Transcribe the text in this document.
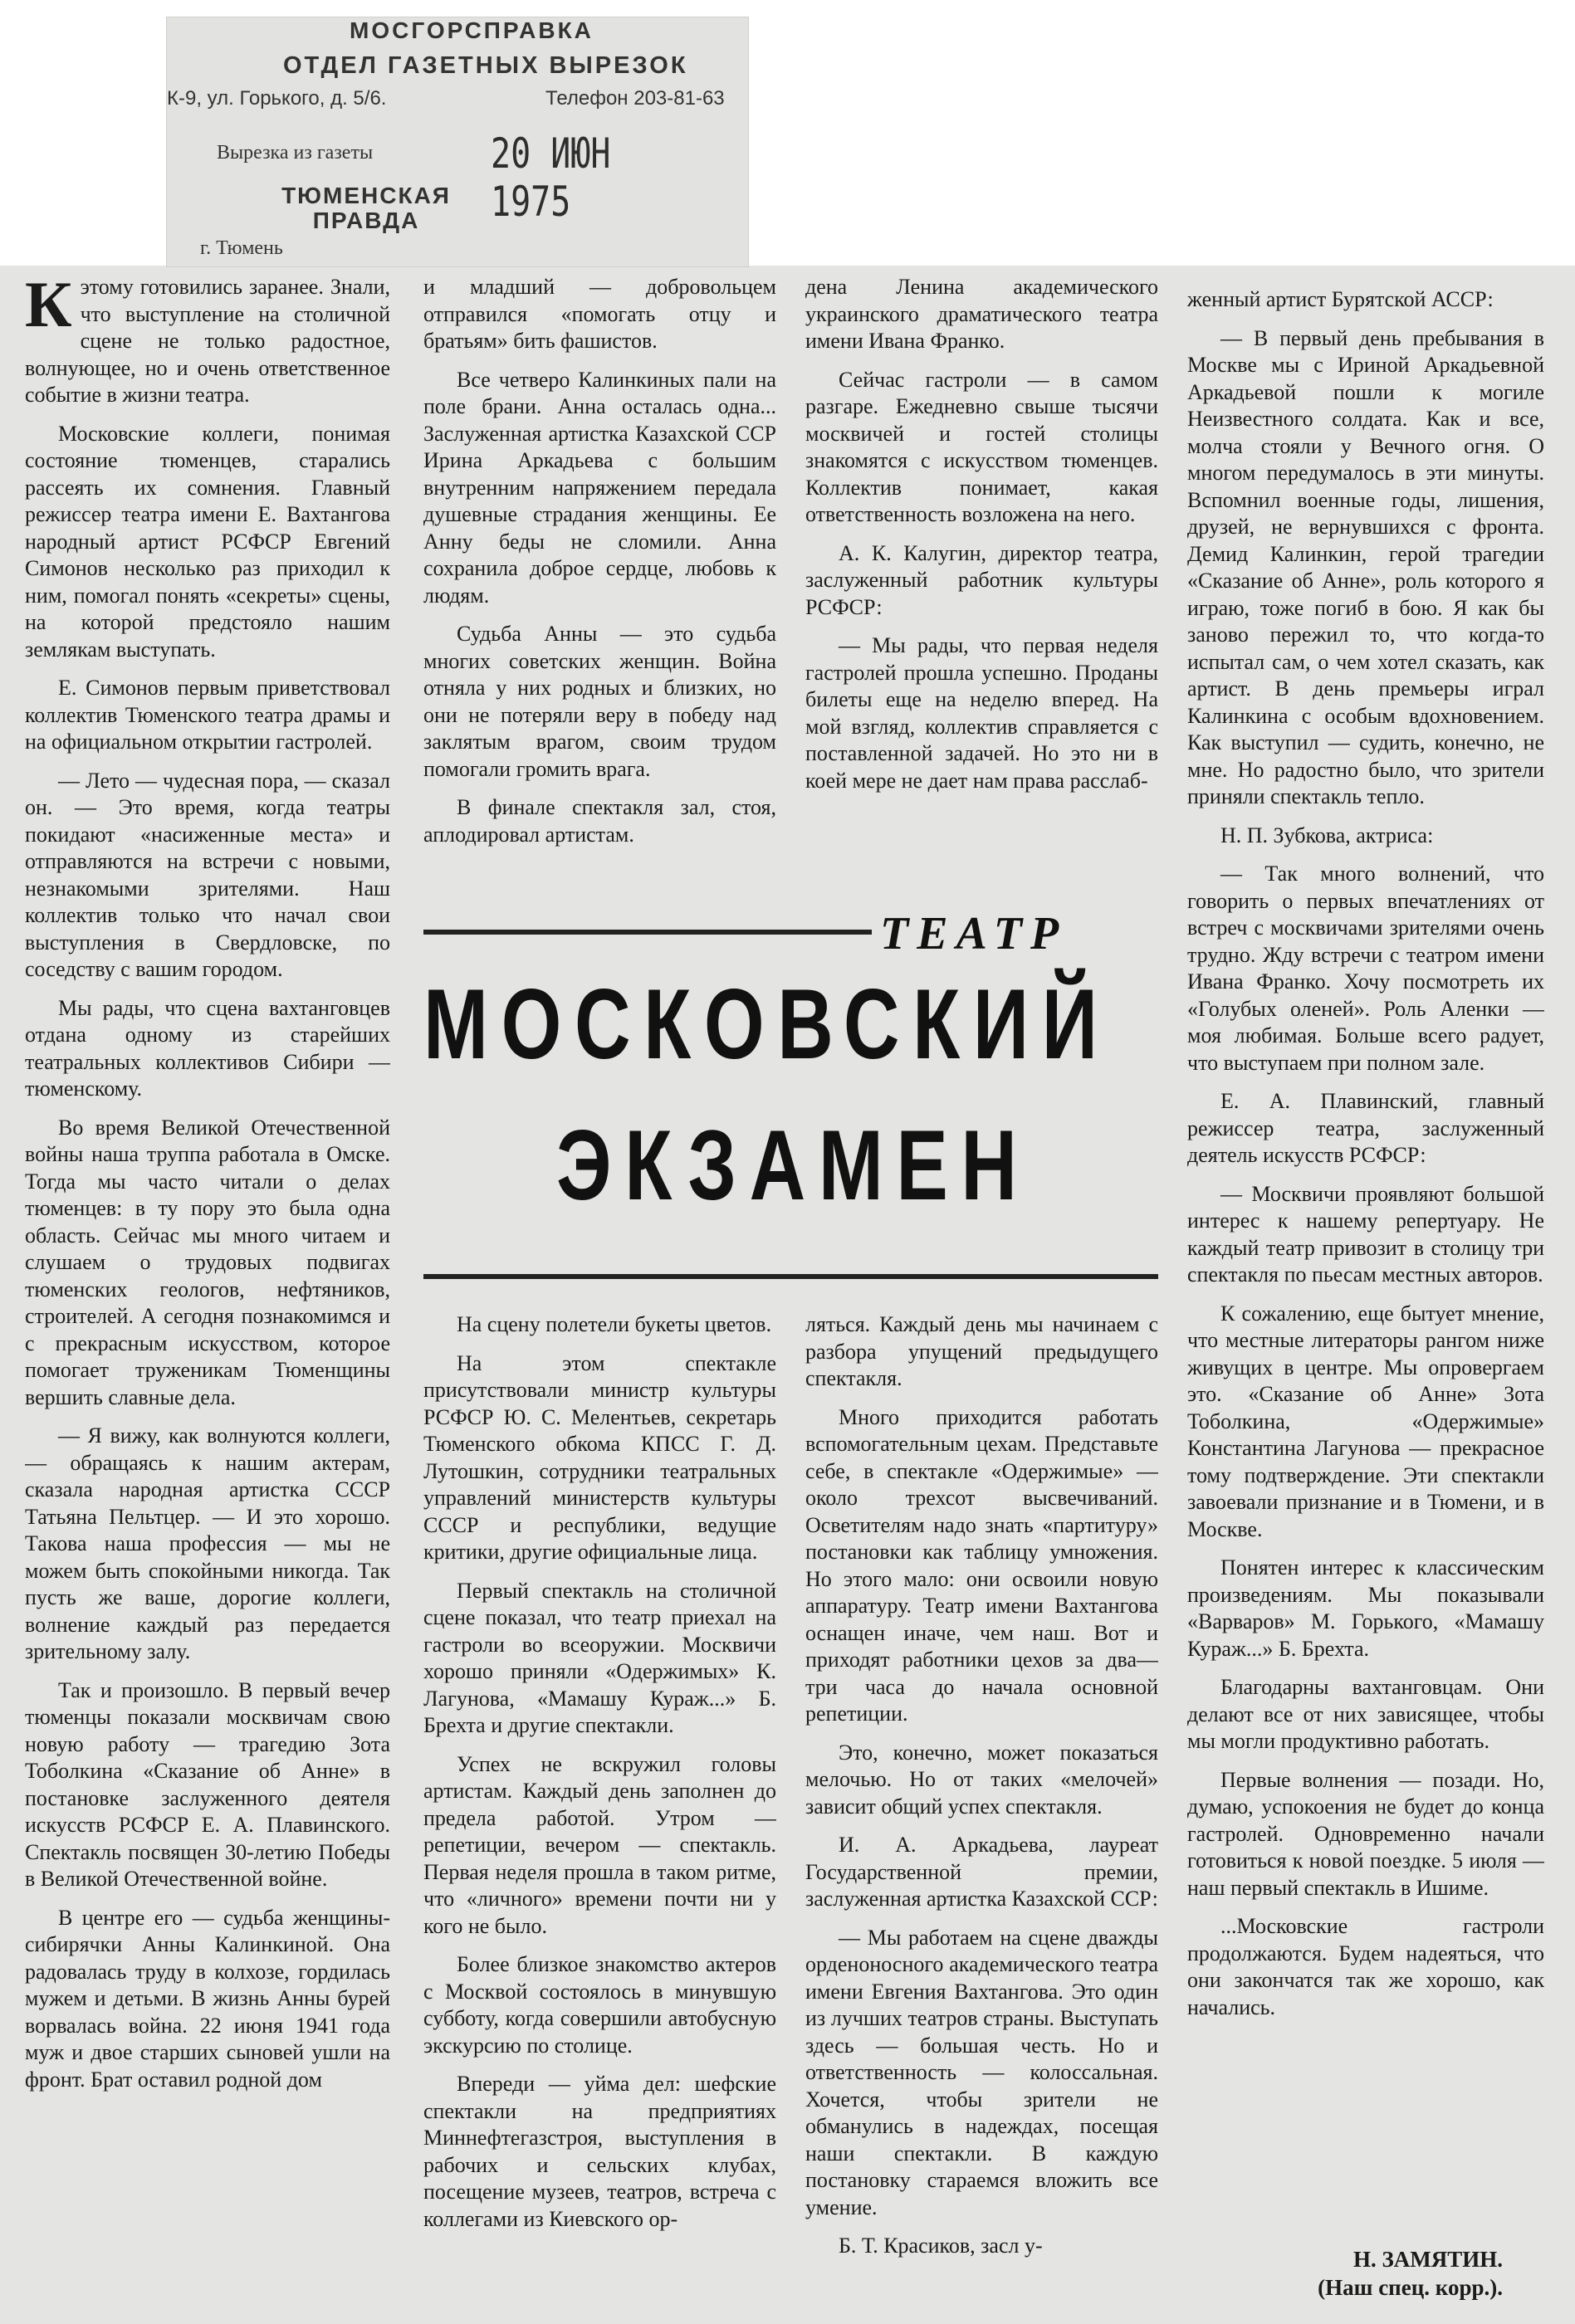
МОСГОРСПРАВКА
ОТДЕЛ ГАЗЕТНЫХ ВЫРЕЗОК
К-9, ул. Горького, д. 5/6.	Телефон 203-81-63
Вырезка из газеты	20 ИЮН 1975
ТЮМЕНСКАЯ ПРАВДА
г. Тюмень
К этому готовились заранее. Знали, что выступление на столичной сцене не только радостное, волнующее, но и очень ответственное событие в жизни театра.

Московские коллеги, понимая состояние тюменцев, старались рассеять их сомнения. Главный режиссер театра имени Е. Вахтангова народный артист РСФСР Евгений Симонов несколько раз приходил к ним, помогал понять «секреты» сцены, на которой предстояло нашим землякам выступать.

Е. Симонов первым приветствовал коллектив Тюменского театра драмы и на официальном открытии гастролей.

— Лето — чудесная пора, — сказал он. — Это время, когда театры покидают «насиженные места» и отправляются на встречи с новыми, незнакомыми зрителями. Наш коллектив только что начал свои выступления в Свердловске, по соседству с вашим городом.

Мы рады, что сцена вахтанговцев отдана одному из старейших театральных коллективов Сибири — тюменскому.

Во время Великой Отечественной войны наша труппа работала в Омске. Тогда мы часто читали о делах тюменцев: в ту пору это была одна область. Сейчас мы много читаем и слушаем о трудовых подвигах тюменских геологов, нефтяников, строителей. А сегодня познакомимся и с прекрасным искусством, которое помогает труженикам Тюменщины вершить славные дела.

— Я вижу, как волнуются коллеги, — обращаясь к нашим актерам, сказала народная артистка СССР Татьяна Пельтцер. — И это хорошо. Такова наша профессия — мы не можем быть спокойными никогда. Так пусть же ваше, дорогие коллеги, волнение каждый раз передается зрительному залу.

Так и произошло. В первый вечер тюменцы показали москвичам свою новую работу — трагедию Зота Тоболкина «Сказание об Анне» в постановке заслуженного деятеля искусств РСФСР Е. А. Плавинского. Спектакль посвящен 30-летию Победы в Великой Отечественной войне.

В центре его — судьба женщины-сибирячки Анны Калинкиной. Она радовалась труду в колхозе, гордилась мужем и детьми. В жизнь Анны бурей ворвалась война. 22 июня 1941 года муж и двое старших сыновей ушли на фронт. Брат оставил родной дом

и младший — добровольцем отправился «помогать отцу и братьям» бить фашистов.

Все четверо Калинкиных пали на поле брани. Анна осталась одна... Заслуженная артистка Казахской ССР Ирина Аркадьева с большим внутренним напряжением передала душевные страдания женщины. Ее Анну беды не сломили. Анна сохранила доброе сердце, любовь к людям.

Судьба Анны — это судьба многих советских женщин. Война отняла у них родных и близких, но они не потеряли веру в победу над заклятым врагом, своим трудом помогали громить врага.

В финале спектакля зал, стоя, аплодировал артистам.

дена Ленина академического украинского драматического театра имени Ивана Франко.

Сейчас гастроли — в самом разгаре. Ежедневно свыше тысячи москвичей и гостей столицы знакомятся с искусством тюменцев. Коллектив понимает, какая ответственность возложена на него.

А. К. Калугин, директор театра, заслуженный работник культуры РСФСР:

— Мы рады, что первая неделя гастролей прошла успешно. Проданы билеты еще на неделю вперед. На мой взгляд, коллектив справляется с поставленной задачей. Но это ни в коей мере не дает нам права расслаб-

ТЕАТР
МОСКОВСКИЙ
ЭКЗАМЕН

На сцену полетели букеты цветов.

На этом спектакле присутствовали министр культуры РСФСР Ю. С. Мелентьев, секретарь Тюменского обкома КПСС Г. Д. Лутошкин, сотрудники театральных управлений министерств культуры СССР и республики, ведущие критики, другие официальные лица.

Первый спектакль на столичной сцене показал, что театр приехал на гастроли во всеоружии. Москвичи хорошо приняли «Одержимых» К. Лагунова, «Мамашу Кураж...» Б. Брехта и другие спектакли.

Успех не вскружил головы артистам. Каждый день заполнен до предела работой. Утром — репетиции, вечером — спектакль. Первая неделя прошла в таком ритме, что «личного» времени почти ни у кого не было.

Более близкое знакомство актеров с Москвой состоялось в минувшую субботу, когда совершили автобусную экскурсию по столице.

Впереди — уйма дел: шефские спектакли на предприятиях Миннефтегазстроя, выступления в рабочих и сельских клубах, посещение музеев, театров, встреча с коллегами из Киевского ор-

ляться. Каждый день мы начинаем с разбора упущений предыдущего спектакля.

Много приходится работать вспомогательным цехам. Представьте себе, в спектакле «Одержимые» — около трехсот высвечиваний. Осветителям надо знать «партитуру» постановки как таблицу умножения. Но этого мало: они освоили новую аппаратуру. Театр имени Вахтангова оснащен иначе, чем наш. Вот и приходят работники цехов за два—три часа до начала основной репетиции.

Это, конечно, может показаться мелочью. Но от таких «мелочей» зависит общий успех спектакля.

И. А. Аркадьева, лауреат Государственной премии, заслуженная артистка Казахской ССР:

— Мы работаем на сцене дважды орденоносного академического театра имени Евгения Вахтангова. Это один из лучших театров страны. Выступать здесь — большая честь. Но и ответственность — колоссальная. Хочется, чтобы зрители не обманулись в надеждах, посещая наши спектакли. В каждую постановку стараемся вложить все умение.

Б. Т. Красиков, засл у-

женный артист Бурятской АССР:

— В первый день пребывания в Москве мы с Ириной Аркадьевной Аркадьевой пошли к могиле Неизвестного солдата. Как и все, молча стояли у Вечного огня. О многом передумалось в эти минуты. Вспомнил военные годы, лишения, друзей, не вернувшихся с фронта. Демид Калинкин, герой трагедии «Сказание об Анне», роль которого я играю, тоже погиб в бою. Я как бы заново пережил то, что когда-то испытал сам, о чем хотел сказать, как артист. В день премьеры играл Калинкина с особым вдохновением. Как выступил — судить, конечно, не мне. Но радостно было, что зрители приняли спектакль тепло.

Н. П. Зубкова, актриса:

— Так много волнений, что говорить о первых впечатлениях от встреч с москвичами зрителями очень трудно. Жду встречи с театром имени Ивана Франко. Хочу посмотреть их «Голубых оленей». Роль Аленки — моя любимая. Больше всего радует, что выступаем при полном зале.

Е. А. Плавинский, главный режиссер театра, заслуженный деятель искусств РСФСР:

— Москвичи проявляют большой интерес к нашему репертуару. Не каждый театр привозит в столицу три спектакля по пьесам местных авторов.

К сожалению, еще бытует мнение, что местные литераторы рангом ниже живущих в центре. Мы опровергаем это. «Сказание об Анне» Зота Тоболкина, «Одержимые» Константина Лагунова — прекрасное тому подтверждение. Эти спектакли завоевали признание и в Тюмени, и в Москве.

Понятен интерес к классическим произведениям. Мы показывали «Варваров» М. Горького, «Мамашу Кураж...» Б. Брехта.

Благодарны вахтанговцам. Они делают все от них зависящее, чтобы мы могли продуктивно работать.

Первые волнения — позади. Но, думаю, успокоения не будет до конца гастролей. Одновременно начали готовиться к новой поездке. 5 июля — наш первый спектакль в Ишиме.

...Московские гастроли продолжаются. Будем надеяться, что они закончатся так же хорошо, как начались.

Н. ЗАМЯТИН.
(Наш спец. корр.).
